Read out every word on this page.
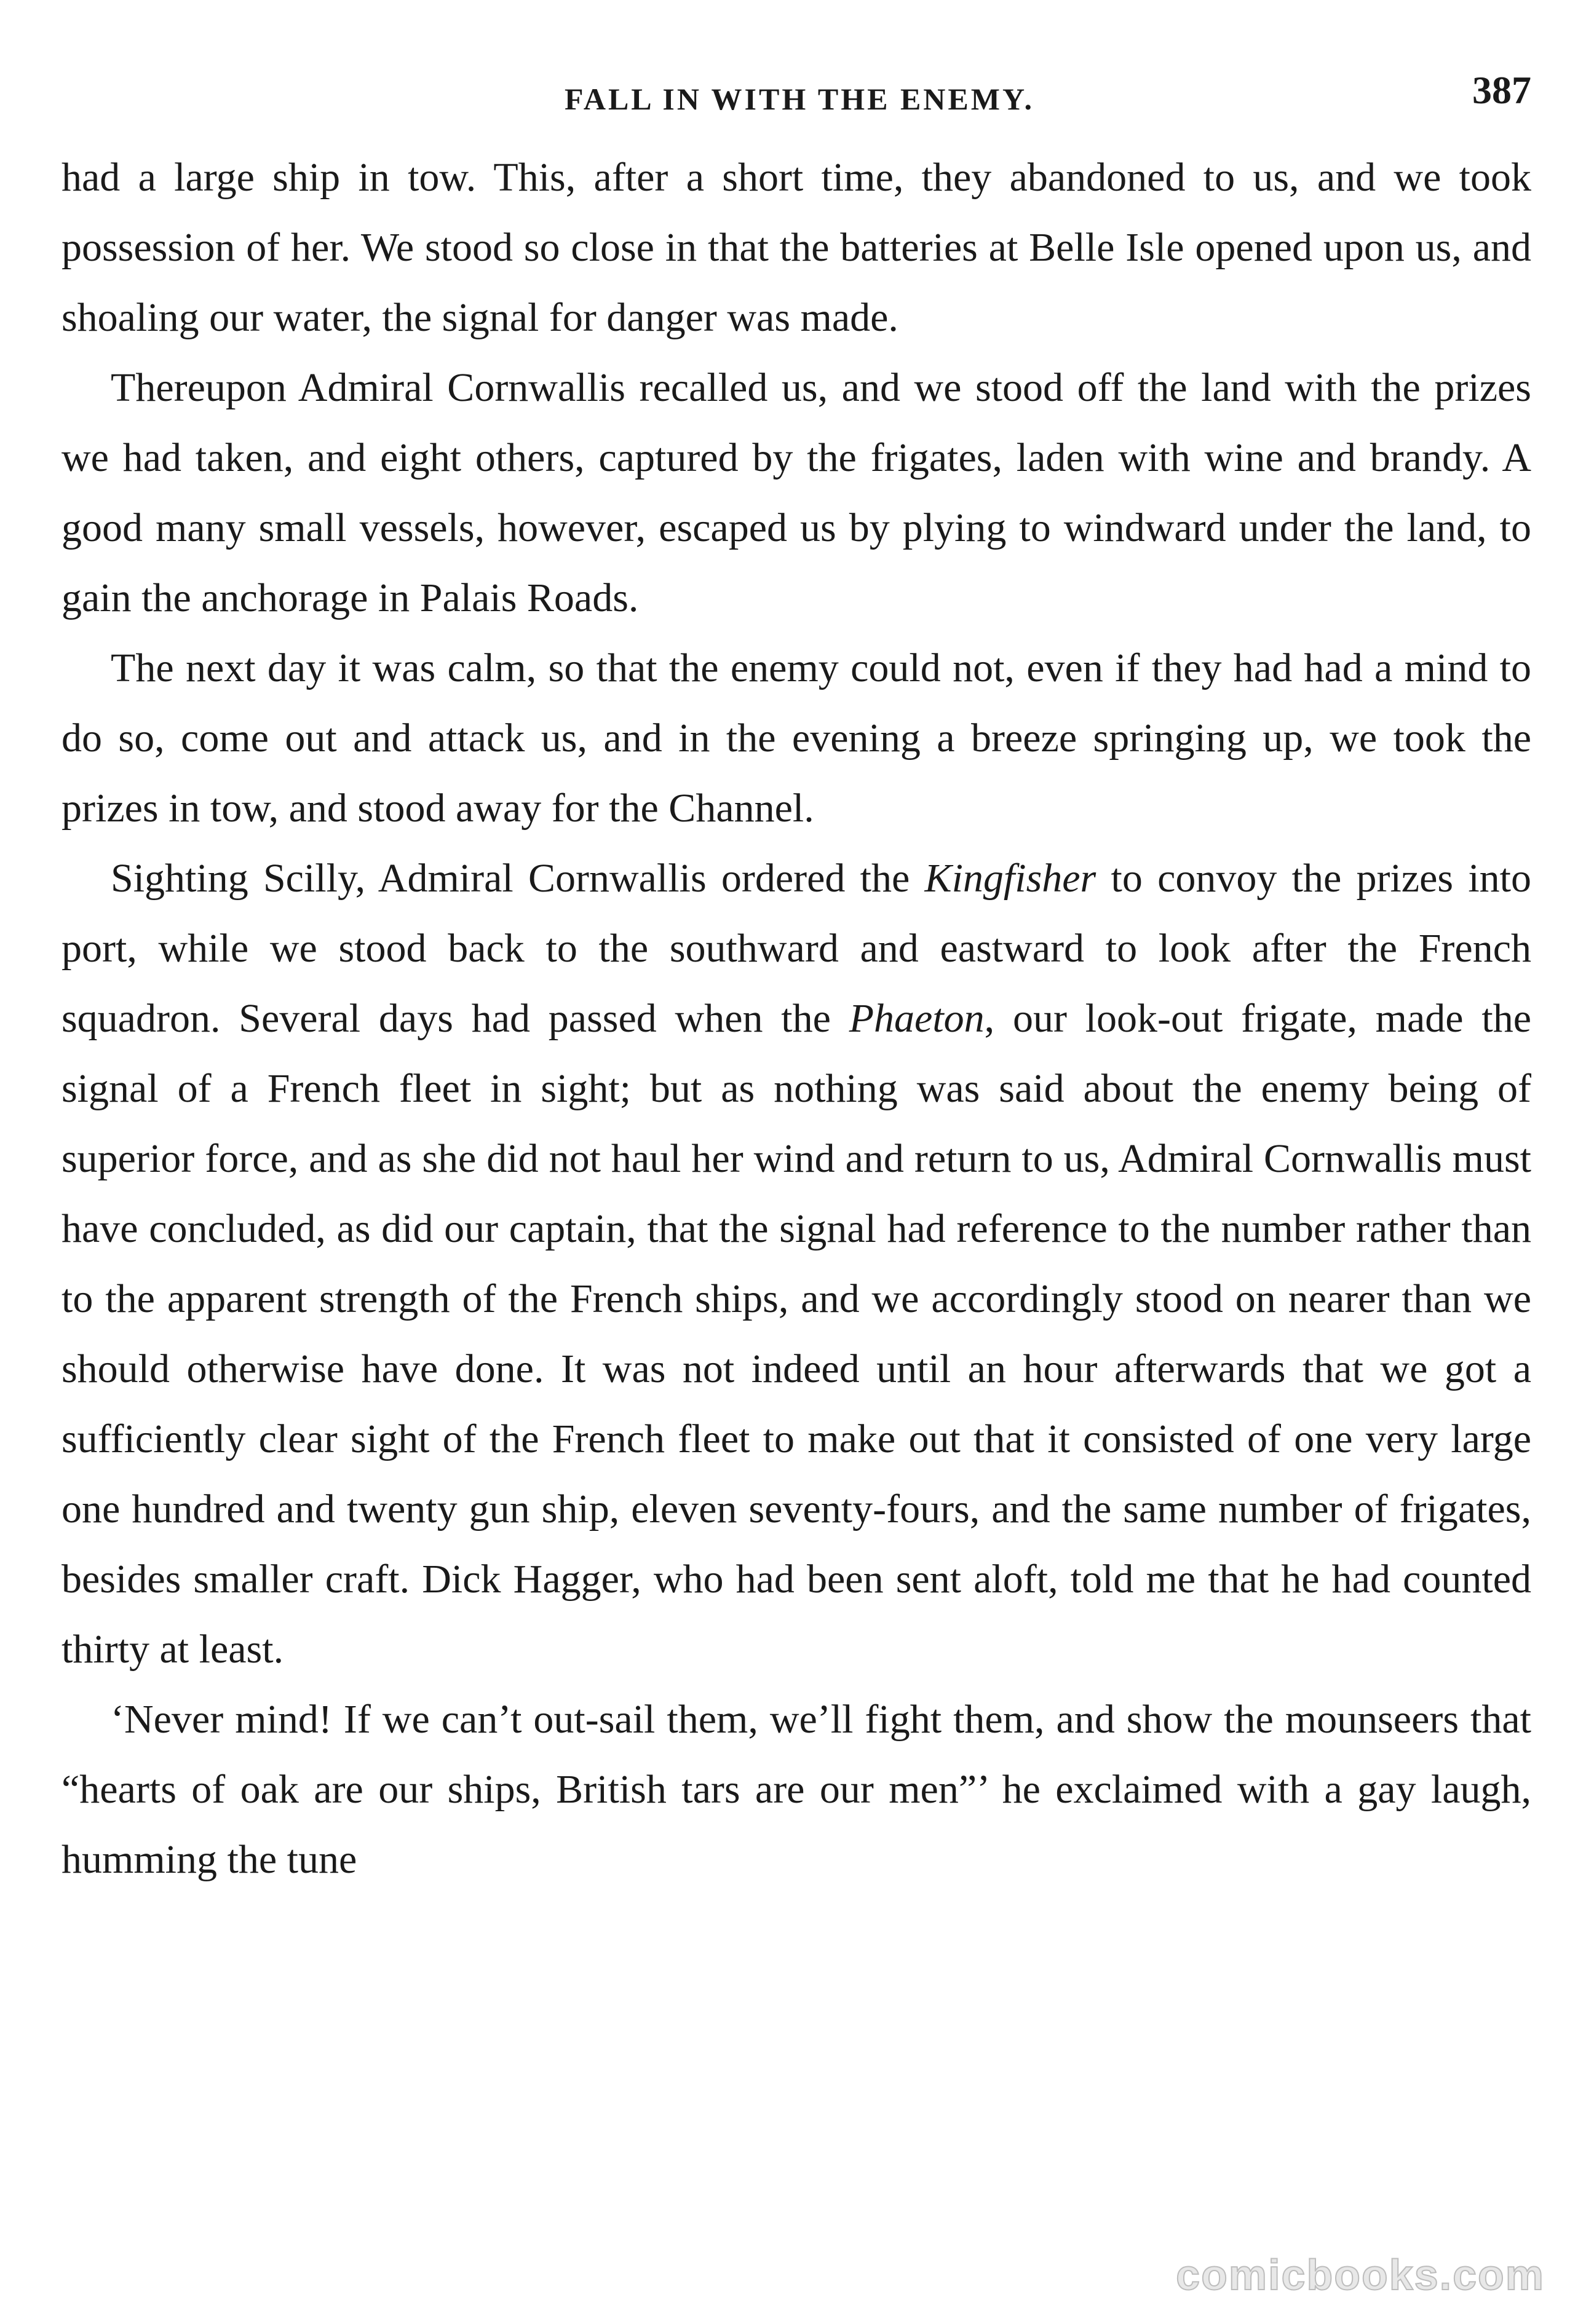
FALL IN WITH THE ENEMY.	387

had a large ship in tow. This, after a short time, they abandoned to us, and we took possession of her. We stood so close in that the batteries at Belle Isle opened upon us, and shoaling our water, the signal for danger was made.

Thereupon Admiral Cornwallis recalled us, and we stood off the land with the prizes we had taken, and eight others, captured by the frigates, laden with wine and brandy. A good many small vessels, however, escaped us by plying to windward under the land, to gain the anchorage in Palais Roads.

The next day it was calm, so that the enemy could not, even if they had had a mind to do so, come out and attack us, and in the evening a breeze springing up, we took the prizes in tow, and stood away for the Channel.

Sighting Scilly, Admiral Cornwallis ordered the Kingfisher to convoy the prizes into port, while we stood back to the southward and eastward to look after the French squadron. Several days had passed when the Phaeton, our look-out frigate, made the signal of a French fleet in sight; but as nothing was said about the enemy being of superior force, and as she did not haul her wind and return to us, Admiral Cornwallis must have concluded, as did our captain, that the signal had reference to the number rather than to the apparent strength of the French ships, and we accordingly stood on nearer than we should otherwise have done. It was not indeed until an hour afterwards that we got a sufficiently clear sight of the French fleet to make out that it consisted of one very large one hundred and twenty gun ship, eleven seventy-fours, and the same number of frigates, besides smaller craft. Dick Hagger, who had been sent aloft, told me that he had counted thirty at least.

‘Never mind! If we can’t out-sail them, we’ll fight them, and show the mounseers that “hearts of oak are our ships, British tars are our men”’ he exclaimed with a gay laugh, humming the tune

comicbooks.com
